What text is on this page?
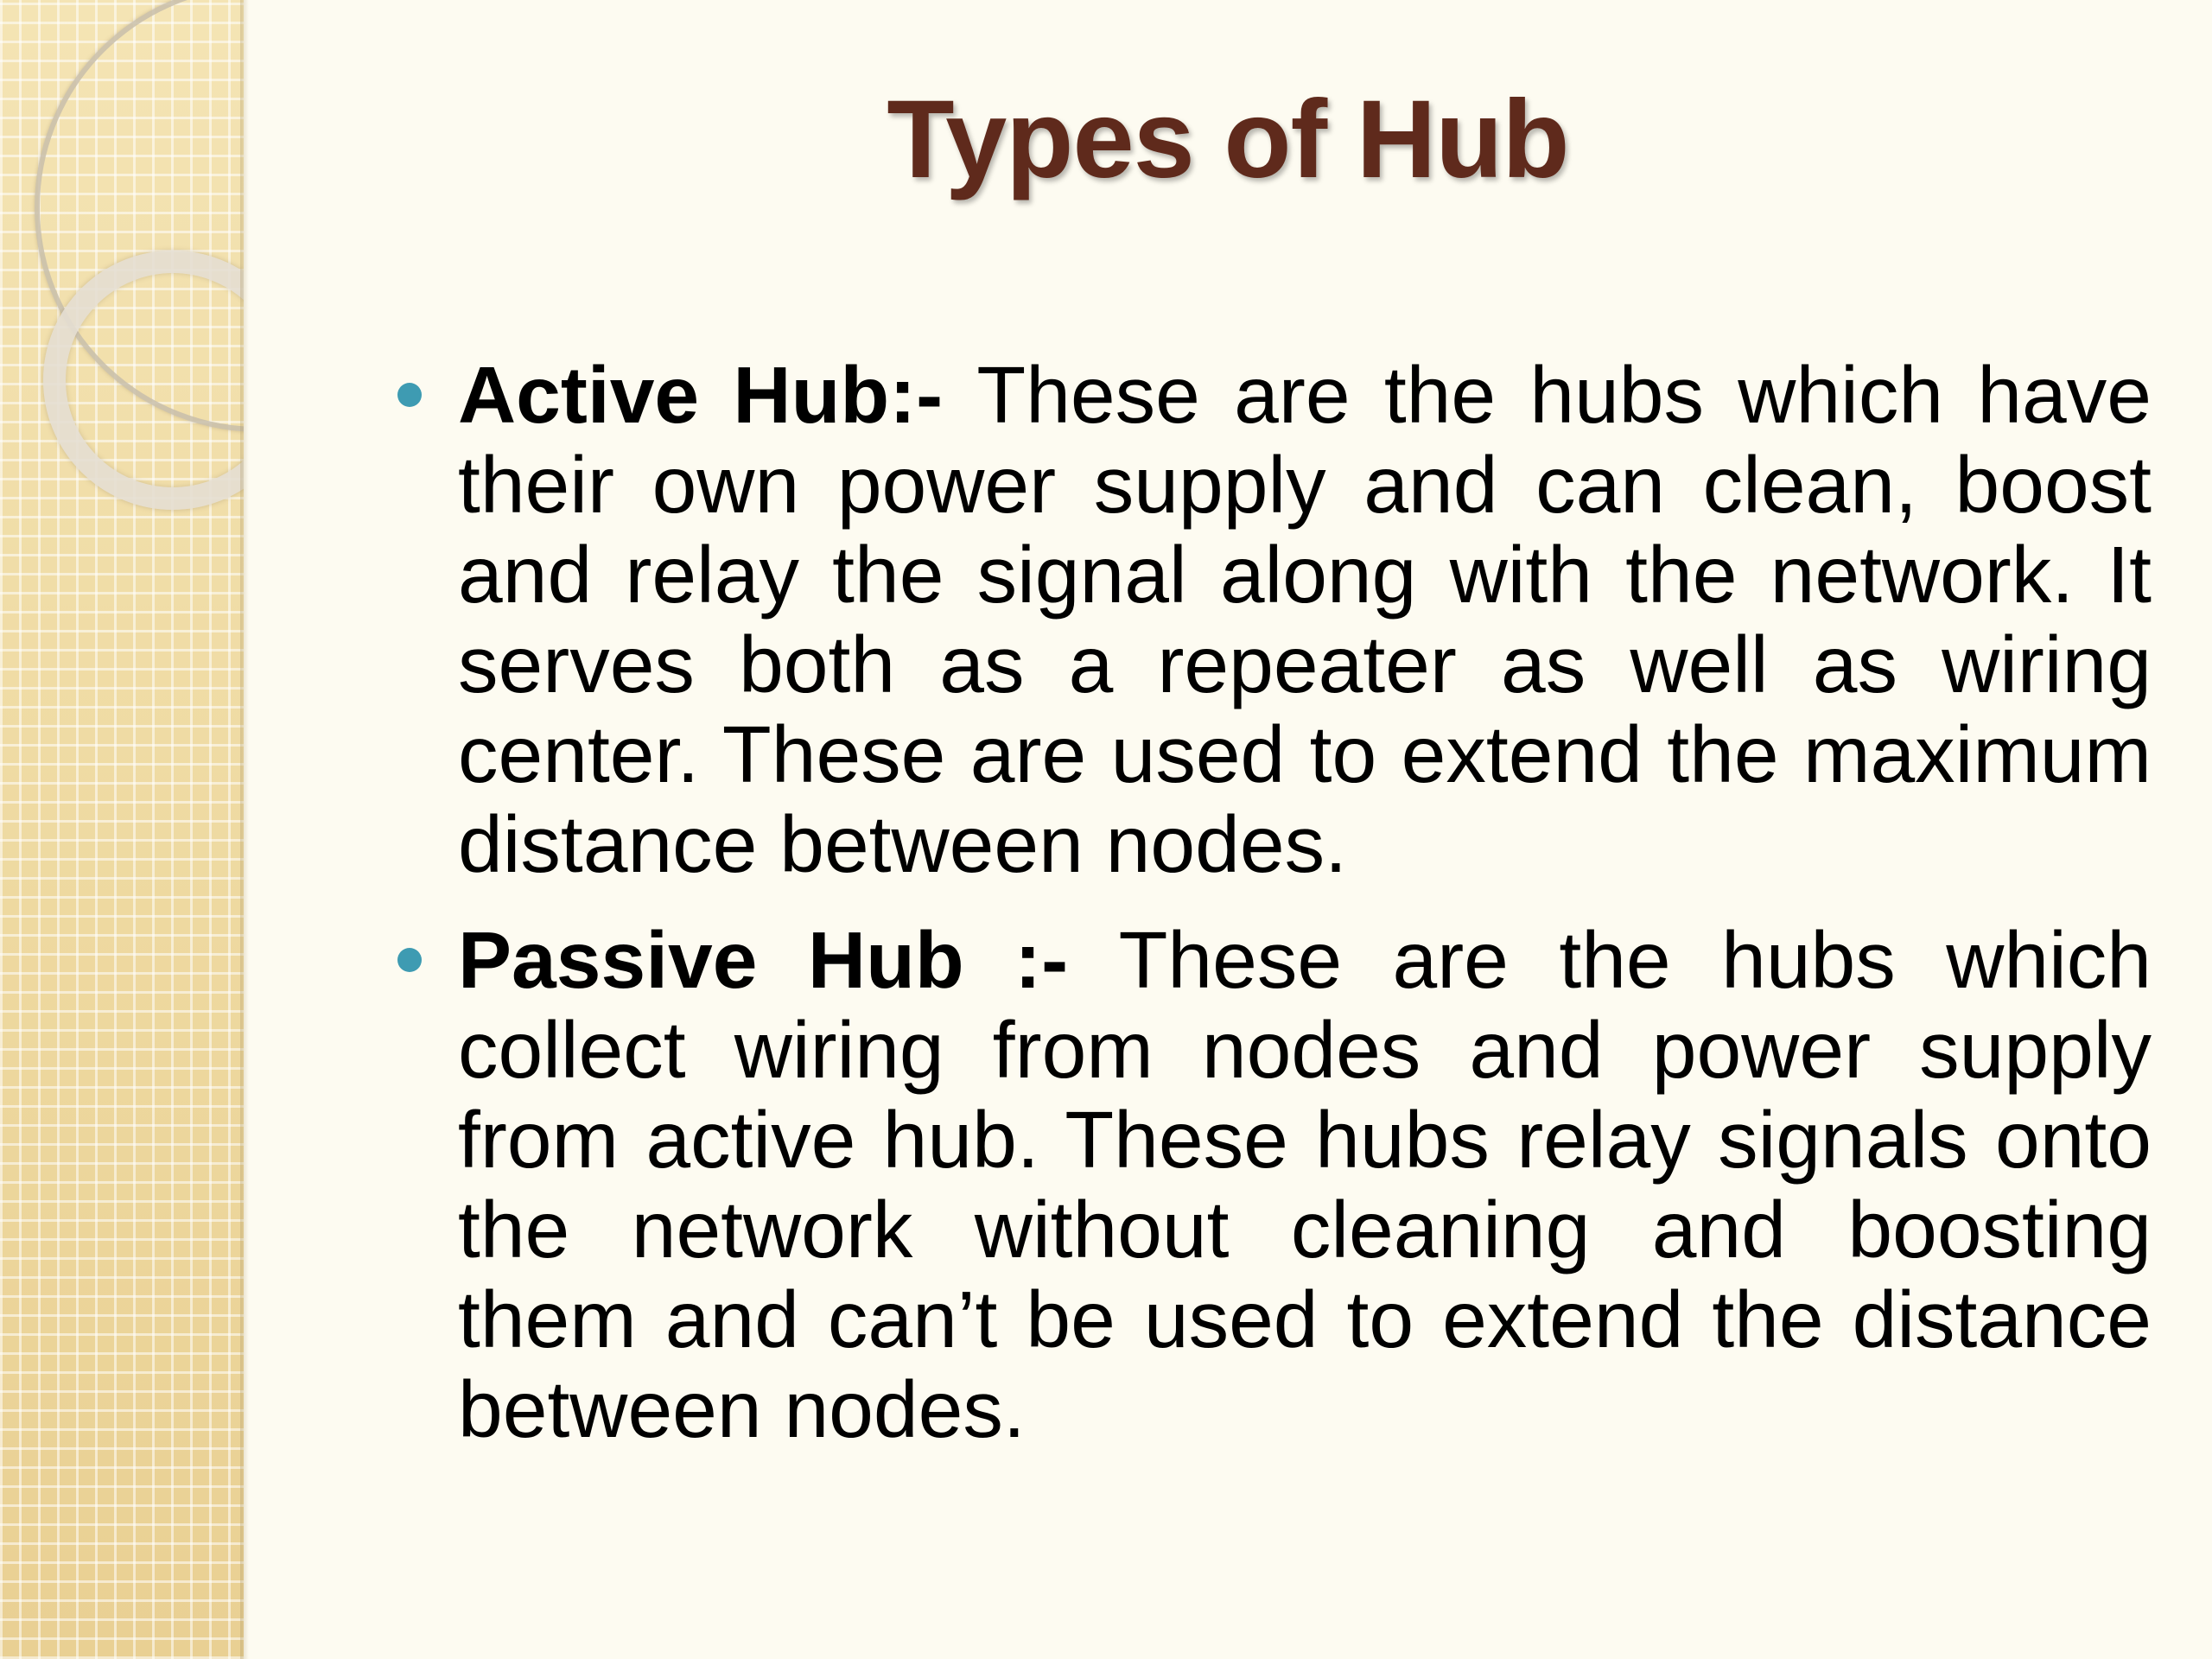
Types of Hub
Active Hub:- These are the hubs which have their own power supply and can clean, boost and relay the signal along with the network. It serves both as a repeater as well as wiring center. These are used to extend the maximum distance between nodes.
Passive Hub :- These are the hubs which collect wiring from nodes and power supply from active hub. These hubs relay signals onto the network without cleaning and boosting them and can’t be used to extend the distance between nodes.
